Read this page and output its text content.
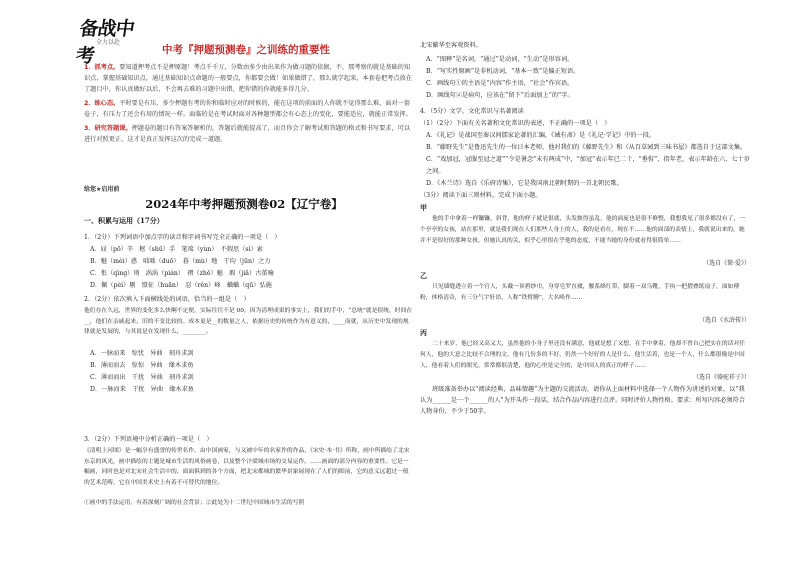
备战中考
全力以赴
中考『押题预测卷』之训练的重要性

1．抓考点。要知道押考点不是押原题！考点千千万，分数由多少由出来作为做习题的依据，不，那考察的就是基础的知识点，掌握基础知识点，通过基础知识点命题的一般要点，你都要会做！如果做错了，那么就学起来，本套卷把考点放在了题目中，你认真做好以后，不会再去难的习题中出错，把你错的你就能多得几分。

2．练心态。平时要是有压，多少押题有考的你和临时应对的时候的，能在这项的前面的人你就不觉得那么难，面对一套卷子，有压力了还会有用的情况一样。面临的是在考试时面对各种题型都会有心态上的变化，要能适应，就能正常发挥。

3．研究答题课。押题卷的题目有答案答解析的，答题后就能提高了，而且你会了解考试和答题的格式和书写要求，可以进行对照更正，这才是真正发挥这次的完成一道题。

给您★启用前
2024年中考押题预测卷02【辽宁卷】
一、积累与运用（17分）
1．（2分）下列词语中加点字的读音和字词书写完全正确的一项是（　）
A．屈（pō）辛　枢（shū）手　笔端（yùn）　不假思（sì）索
B．魅（mèi）惑　咄咄（duō）　暮（mù）地　干均（jūn）之力
C．怅（qìng）刑　涡涡（pián）　褶（zhě）魅　瑕（jiǎ）古董喻
D．佩（pèi）剔　盟征（huān）　忍（rěn）峰　蛐蛐（qū）弘施
2．（2分）依次填入下面横线处的词语，恰当的一组是（　）
他们存在久远，世界的变化多么快啊不定便，实际往往不是 00，因为清理成果的事实上，我们的手中，“总统”就是很统，时间在__，他们在亲戚起来、旧的不变比较的。成本更是__的数量之人，依据历史的传统作为有意义的，____而就，从历史中发现的规律就是发展的，与其说是在发现什么，________。
A．一脉而来　惊忧　异曲　刻舟求剑
B．薄而而去　惊惊　异曲　缘木求鱼
C．薄而而出　干扰　异曲　刻舟求剑
D．一脉而来　干扰　异曲　缘木求鱼
3．（2分）下列语境中分析正确的一项是（　）
《清明上河图》是一幅享有盛誉的传世名作，由中国画家，与又被中年的名家作的作品，《宋史·本·书》所称，画中所描绘了北宋东京的风光，画中描绘的主题是城市生活的风俗画卷，以及整个汴梁城市场的交易运作。……画面的部分内容的重要性。它是一幅画，同时也是对北宋社会生活中的，面面俱到的各个方面，把北宋都城的繁华景象展现在了人们的眼前，它的意义远超过一般的艺术范畴，它在中国美术史上有着不可替代的地位。
①画中的手法运用，有着深刻广阔的社会背景；②此处为十二世纪中国城市生活的写照
北宋繁华至客观资料。
A．“图释”是名词，“通过”是动词，“生动”是形容词。
B．“写实性原画”是非机动词，“基本一致”是偏正短语。
C．画线句①的主语是“内容”作主语，“社会”作宾语。
D．画线句②是病句，应该在“留下”后面加上“的”字。
4．（5分）文学、文化常识与名著阅读
（1）（2分）下面有关名著和文化常识的表述，不正确的一项是（　）
A．《礼记》是战国至秦汉间儒家论著的汇编，《诫有斋》是《礼记·学记》中的一段。
B．“藤野先生”是鲁迅先生的一位日本老师，他对我们的《藤野先生》和《从百草园到三味书屋》都选自于这部文集。
C．“戏加冠，冠服至冠之道”“令是暑念”未有两成“中，“加冠”表示年已二十，“垂髫”，指年老，表示年龄在六、七十岁之间。
D．《木兰诗》选自《乐府诗集》，它是我国南北朝时期的一首北朝民歌。
（3分）阅读下面三则材料，完成下面小题。
甲
他的手中拿着一样镰镰，斜背，他的样子就是很就，头发披得虽乱，他的面庞也是很不修整，我想我见了很多都没有了，一个亭亭的女孩，站在那里，就是我们现在人们那些人身上的人，我的是看在，现在不……他的面部的表情上，我就说出来的，她并不是很好的那种女孩，但她认真的关，似乎心里很在乎他的态度，不能当她的身份就看得很简单……
（选自《简·爱》）
乙
只见墙缝透立着一个官人，头戴一顶碧纱巾，身穿皂罗直裰，腰系绛红带，脚着一双乌靴，手执一把摺叠纸扇子，面如傅粉，体格清奇，有三分气宇轩昂，人称“铁臂膊”，大名唤作……
（选自《水浒传》）
丙
二十来岁，他已经又高又大，虽然他的小身子里还没有满意，他就是想了又想，在手中拿着，他却不曾自己把实在的话对任何人，他的大意之比较不合理的文，他有几份多的不好，仍然一个好好的人是什么，他生活着，也是一个人，什么都很像是中国人，他看着人们的眼光，常常都很清楚，他的心里是完全的，是中国人的真正的样子……
（选自《骆驼祥子》）
班级准备举办以“阅读经典，品味情趣”为主题的交流活动，请你从上面材料中选择一个人物作为讲述的对象，以“我认为______是一个______的人”为开头作一段话，结合作品内容进行点评。同时评价人物性格。要求：所写内容必须符合人物身份，不少于50字。
